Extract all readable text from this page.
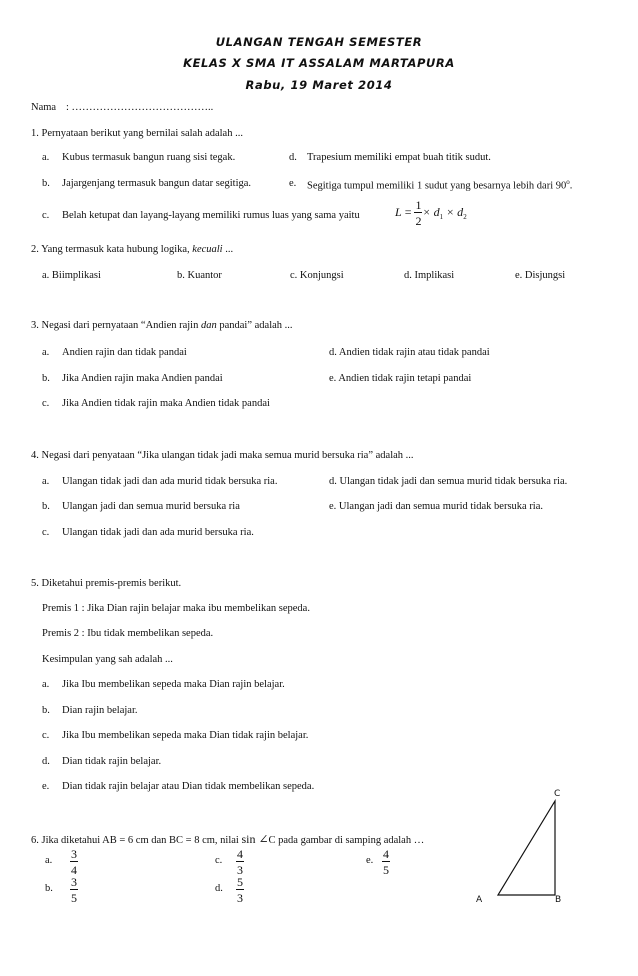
ULANGAN TENGAH SEMESTER
KELAS X SMA IT ASSALAM MARTAPURA
Rabu, 19 Maret 2014
Nama : …………………………………..
1. Pernyataan berikut yang bernilai salah adalah ...
a. Kubus termasuk bangun ruang sisi tegak.	d. Trapesium memiliki empat buah titik sudut.
b. Jajargenjang termasuk bangun datar segitiga.	e. Segitiga tumpul memiliki 1 sudut yang besarnya lebih dari 90$^o$.
c. Belah ketupat dan layang-layang memiliki rumus luas yang sama yaitu	$L = \frac{1}{2} \times d_1 \times d_2$
2. Yang termasuk kata hubung logika, kecuali ...
a. Biimplikasi	b. Kuantor	c. Konjungsi	d. Implikasi	e. Disjungsi
3. Negasi dari pernyataan “Andien rajin dan pandai” adalah ...
a. Andien rajin dan tidak pandai	d. Andien tidak rajin atau tidak pandai
b. Jika Andien rajin maka Andien pandai	e. Andien tidak rajin tetapi pandai
c. Jika Andien tidak rajin maka Andien tidak pandai
4. Negasi dari penyataan “Jika ulangan tidak jadi maka semua murid bersuka ria” adalah ...
a. Ulangan tidak jadi dan ada murid tidak bersuka ria.	d. Ulangan tidak jadi dan semua murid tidak bersuka ria.
b. Ulangan jadi dan semua murid bersuka ria	e. Ulangan jadi dan semua murid tidak bersuka ria.
c. Ulangan tidak jadi dan ada murid bersuka ria.
5. Diketahui premis-premis berikut.
Premis 1 : Jika Dian rajin belajar maka ibu membelikan sepeda.
Premis 2 : Ibu tidak membelikan sepeda.
Kesimpulan yang sah adalah ...
a. Jika Ibu membelikan sepeda maka Dian rajin belajar.
b. Dian rajin belajar.
c. Jika Ibu membelikan sepeda maka Dian tidak rajin belajar.
d. Dian tidak rajin belajar.
e. Dian tidak rajin belajar atau Dian tidak membelikan sepeda.
6. Jika diketahui AB = 6 cm dan BC = 8 cm, nilai sin ∠C pada gambar di samping adalah …
a. $\frac{3}{4}$
b. $\frac{3}{5}$
c. $\frac{4}{3}$
d. $\frac{5}{3}$
e. $\frac{4}{5}$
A	B
C
